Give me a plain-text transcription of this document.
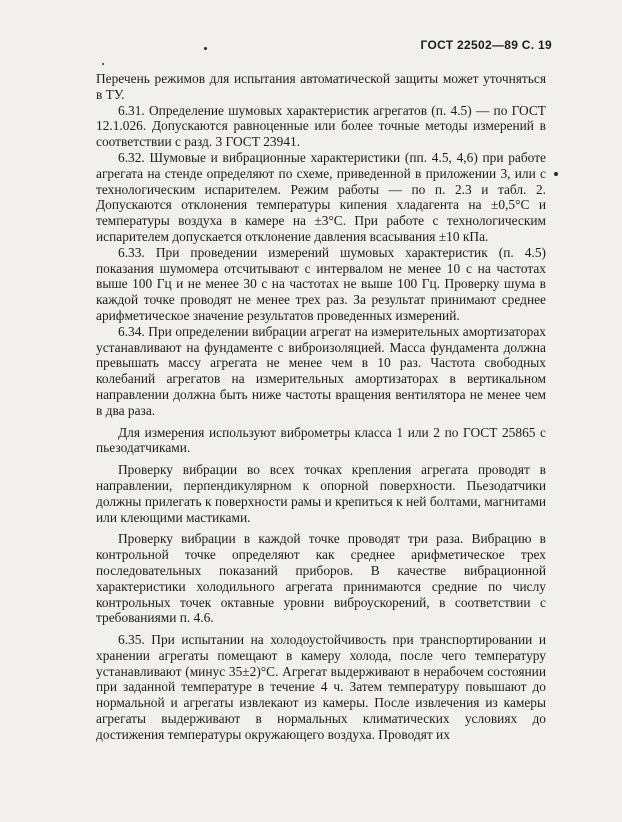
ГОСТ 22502—89 С. 19

Перечень режимов для испытания автоматической защиты может уточняться в ТУ.

6.31. Определение шумовых характеристик агрегатов (п. 4.5) — по ГОСТ 12.1.026. Допускаются равноценные или более точные методы измерений в соответствии с разд. 3 ГОСТ 23941.

6.32. Шумовые и вибрационные характеристики (пп. 4.5, 4,6) при работе агрегата на стенде определяют по схеме, приведенной в приложении 3, или с технологическим испарителем. Режим работы — по п. 2.3 и табл. 2. Допускаются отклонения температуры кипения хладагента на ±0,5°С и температуры воздуха в камере на ±3°С. При работе с технологическим испарителем допускается отклонение давления всасывания ±10 кПа.

6.33. При проведении измерений шумовых характеристик (п. 4.5) показания шумомера отсчитывают с интервалом не менее 10 с на частотах выше 100 Гц и не менее 30 с на частотах не выше 100 Гц. Проверку шума в каждой точке проводят не менее трех раз. За результат принимают среднее арифметическое значение результатов проведенных измерений.

6.34. При определении вибрации агрегат на измерительных амортизаторах устанавливают на фундаменте с виброизоляцией. Масса фундамента должна превышать массу агрегата не менее чем в 10 раз. Частота свободных колебаний агрегатов на измерительных амортизаторах в вертикальном направлении должна быть ниже частоты вращения вентилятора не менее чем в два раза.

Для измерения используют виброметры класса 1 или 2 по ГОСТ 25865 с пьезодатчиками.

Проверку вибрации во всех точках крепления агрегата проводят в направлении, перпендикулярном к опорной поверхности. Пьезодатчики должны прилегать к поверхности рамы и крепиться к ней болтами, магнитами или клеющими мастиками.

Проверку вибрации в каждой точке проводят три раза. Вибрацию в контрольной точке определяют как среднее арифметическое трех последовательных показаний приборов. В качестве вибрационной характеристики холодильного агрегата принимаются средние по числу контрольных точек октавные уровни виброускорений, в соответствии с требованиями п. 4.6.

6.35. При испытании на холодоустойчивость при транспортировании и хранении агрегаты помещают в камеру холода, после чего температуру устанавливают (минус 35±2)°С. Агрегат выдерживают в нерабочем состоянии при заданной температуре в течение 4 ч. Затем температуру повышают до нормальной и агрегаты извлекают из камеры. После извлечения из камеры агрегаты выдерживают в нормальных климатических условиях до достижения температуры окружающего воздуха. Проводят их
